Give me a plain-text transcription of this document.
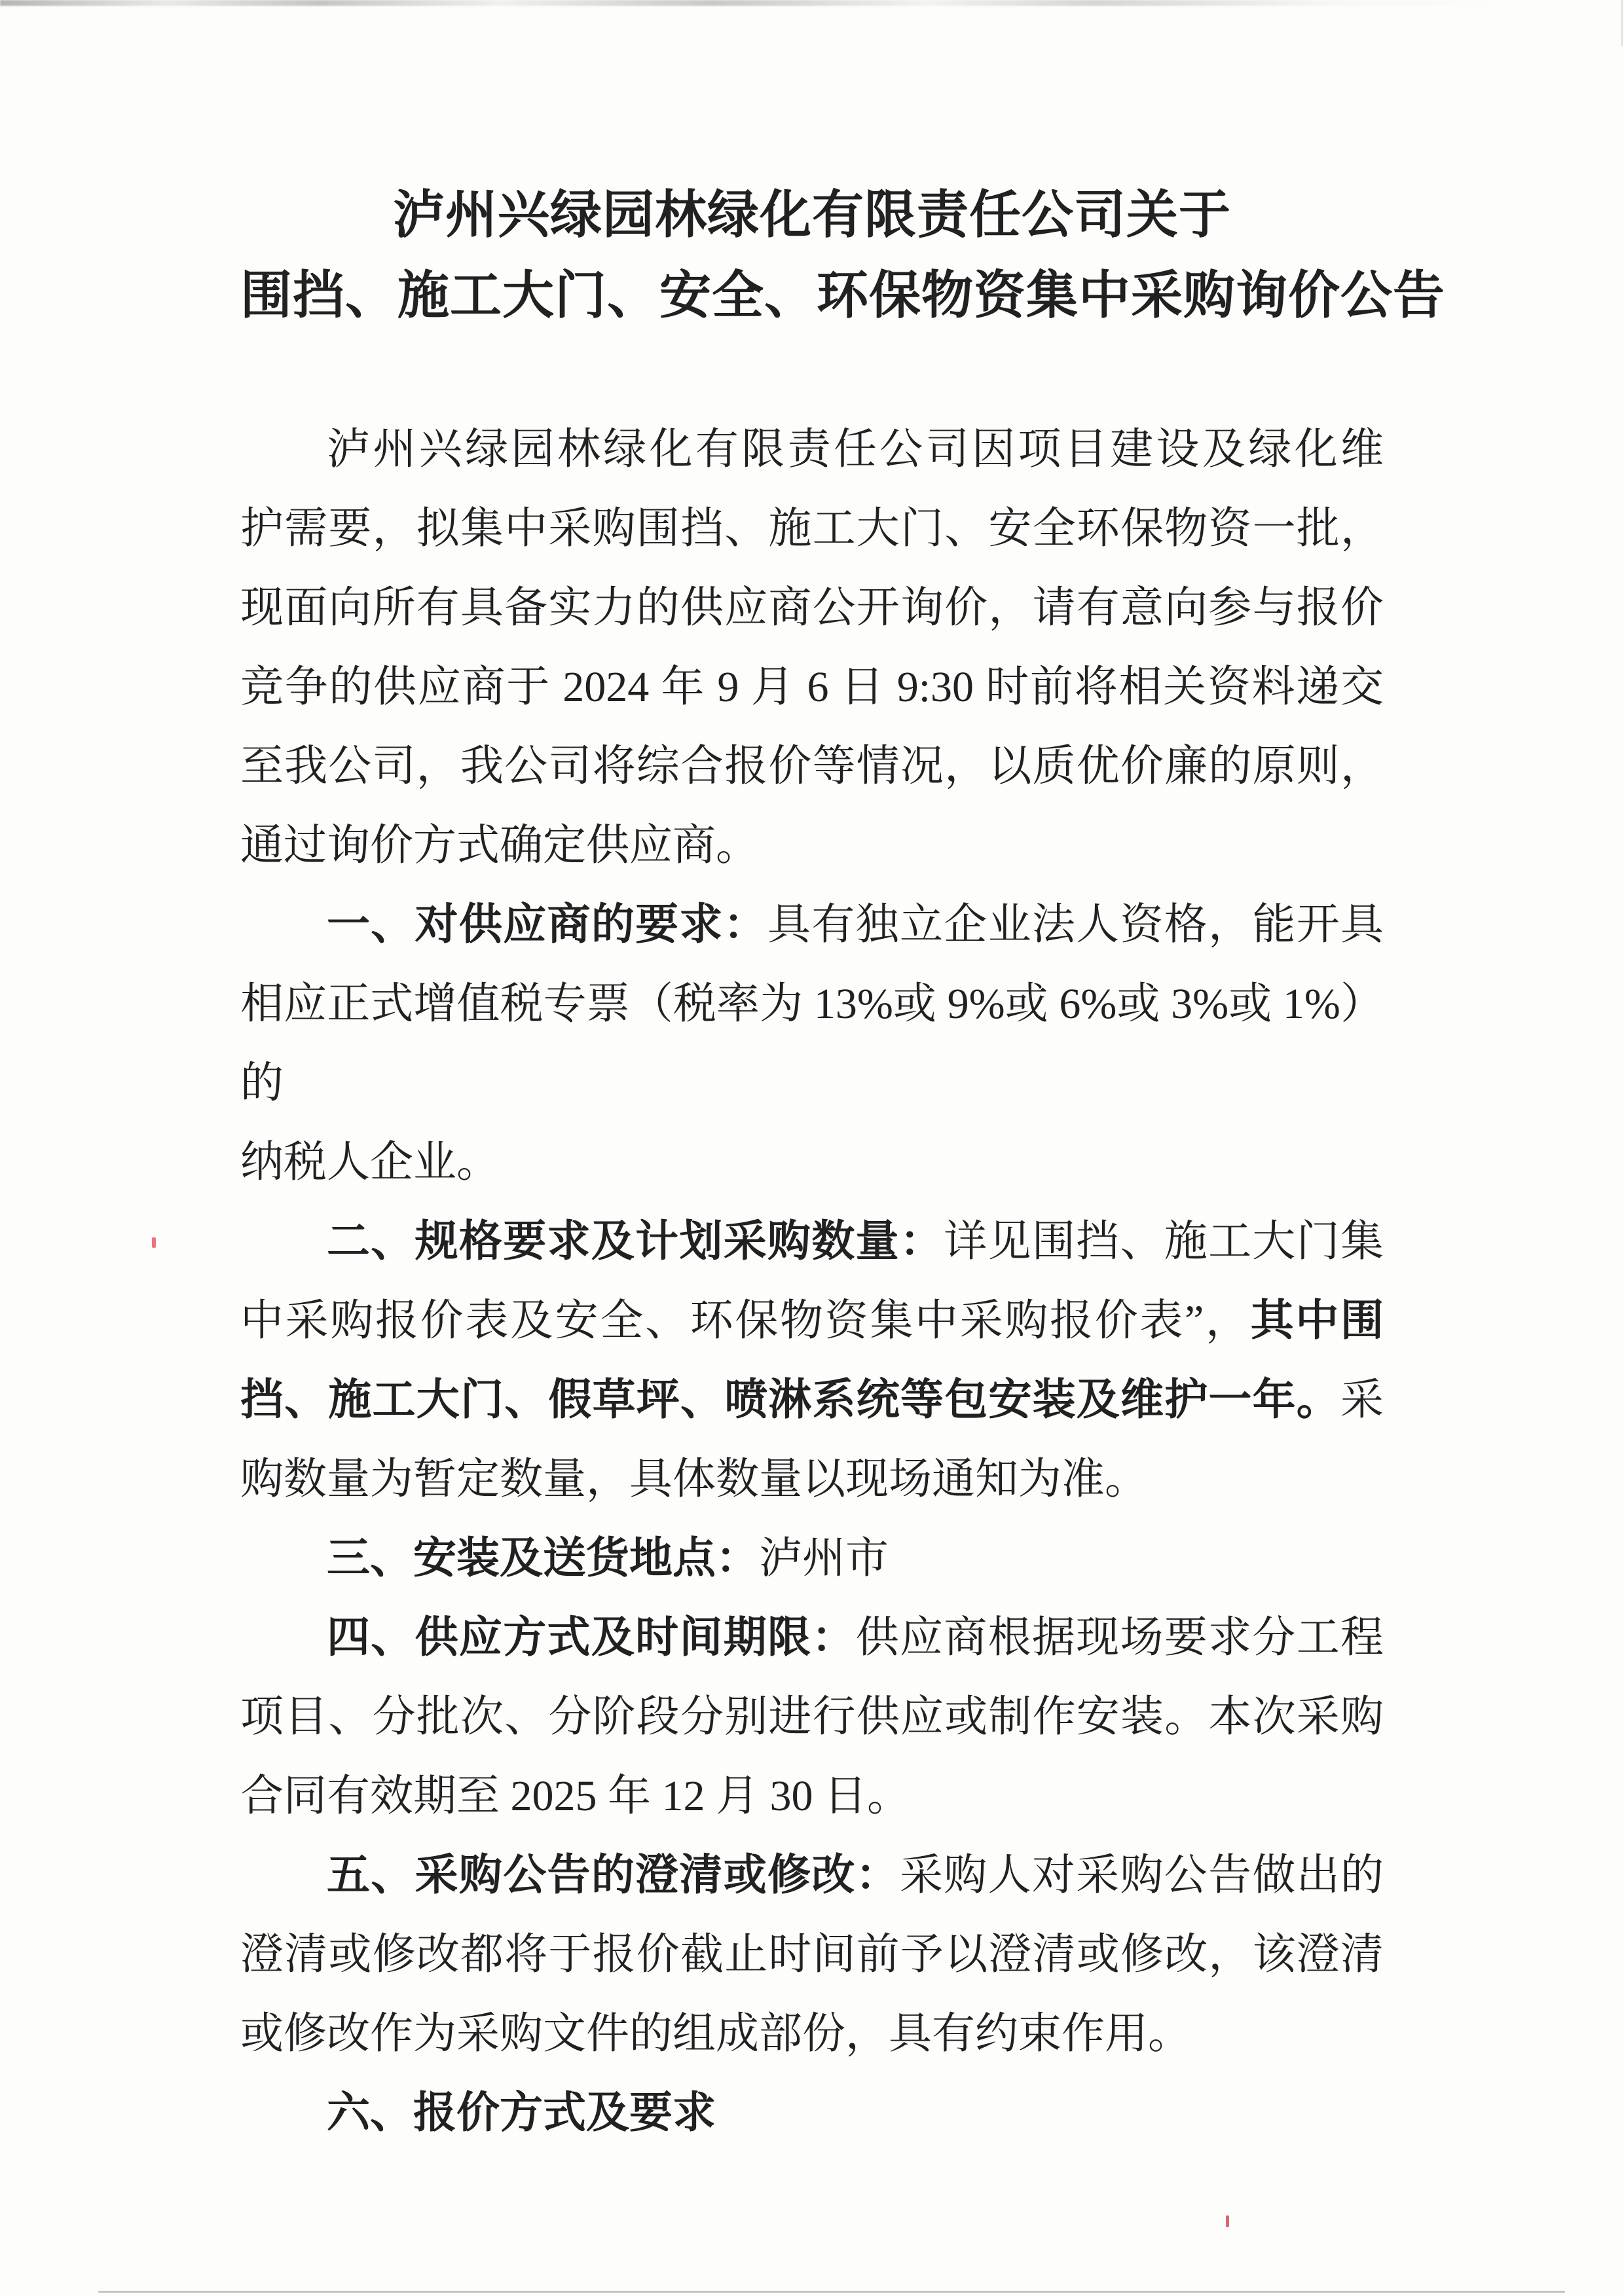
泸州兴绿园林绿化有限责任公司关于
围挡、施工大门、安全、环保物资集中采购询价公告
泸州兴绿园林绿化有限责任公司因项目建设及绿化维
护需要，拟集中采购围挡、施工大门、安全环保物资一批，
现面向所有具备实力的供应商公开询价，请有意向参与报价
竞争的供应商于 2024 年 9 月 6 日 9:30 时前将相关资料递交
至我公司，我公司将综合报价等情况，以质优价廉的原则，
通过询价方式确定供应商。
一、对供应商的要求：具有独立企业法人资格，能开具
相应正式增值税专票（税率为 13%或 9%或 6%或 3%或 1%）的
纳税人企业。
二、规格要求及计划采购数量：详见围挡、施工大门集
中采购报价表及安全、环保物资集中采购报价表”，其中围
挡、施工大门、假草坪、喷淋系统等包安装及维护一年。采
购数量为暂定数量，具体数量以现场通知为准。
三、安装及送货地点：泸州市
四、供应方式及时间期限：供应商根据现场要求分工程
项目、分批次、分阶段分别进行供应或制作安装。本次采购
合同有效期至 2025 年 12 月 30 日。
五、采购公告的澄清或修改：采购人对采购公告做出的
澄清或修改都将于报价截止时间前予以澄清或修改，该澄清
或修改作为采购文件的组成部份，具有约束作用。
六、报价方式及要求
